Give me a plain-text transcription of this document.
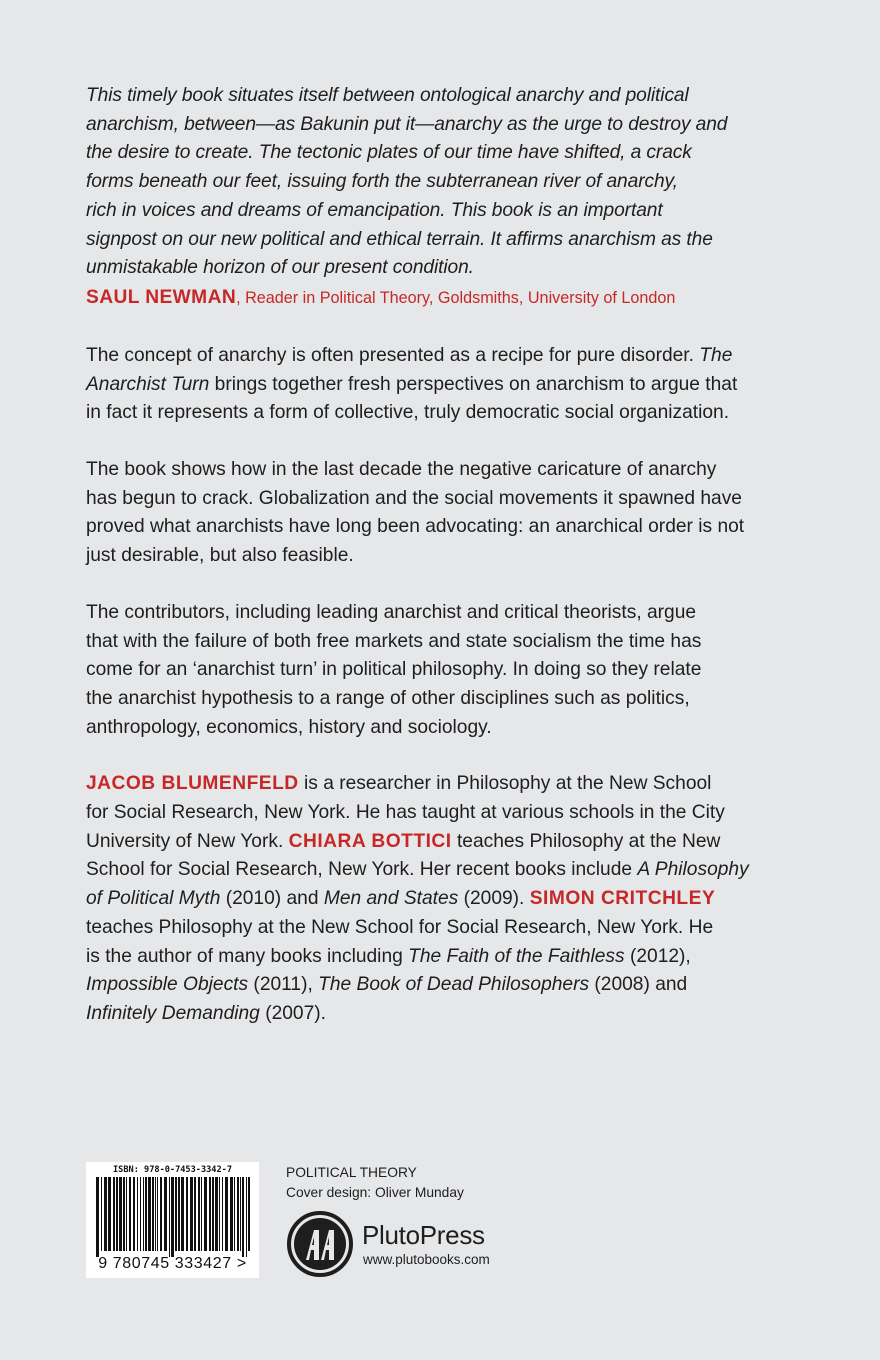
This timely book situates itself between ontological anarchy and political
anarchism, between—as Bakunin put it—anarchy as the urge to destroy and
the desire to create. The tectonic plates of our time have shifted, a crack
forms beneath our feet, issuing forth the subterranean river of anarchy,
rich in voices and dreams of emancipation. This book is an important
signpost on our new political and ethical terrain. It affirms anarchism as the
unmistakable horizon of our present condition.
SAUL NEWMAN, Reader in Political Theory, Goldsmiths, University of London
The concept of anarchy is often presented as a recipe for pure disorder. The
Anarchist Turn brings together fresh perspectives on anarchism to argue that
in fact it represents a form of collective, truly democratic social organization.
The book shows how in the last decade the negative caricature of anarchy
has begun to crack. Globalization and the social movements it spawned have
proved what anarchists have long been advocating: an anarchical order is not
just desirable, but also feasible.
The contributors, including leading anarchist and critical theorists, argue
that with the failure of both free markets and state socialism the time has
come for an ‘anarchist turn’ in political philosophy. In doing so they relate
the anarchist hypothesis to a range of other disciplines such as politics,
anthropology, economics, history and sociology.
JACOB BLUMENFELD is a researcher in Philosophy at the New School
for Social Research, New York. He has taught at various schools in the City
University of New York. CHIARA BOTTICI teaches Philosophy at the New
School for Social Research, New York. Her recent books include A Philosophy
of Political Myth (2010) and Men and States (2009). SIMON CRITCHLEY
teaches Philosophy at the New School for Social Research, New York. He
is the author of many books including The Faith of the Faithless (2012),
Impossible Objects (2011), The Book of Dead Philosophers (2008) and
Infinitely Demanding (2007).
ISBN: 978-0-7453-3342-7
9 780745 333427 >
POLITICAL THEORY
Cover design: Oliver Munday
PlutoPress
www.plutobooks.com
